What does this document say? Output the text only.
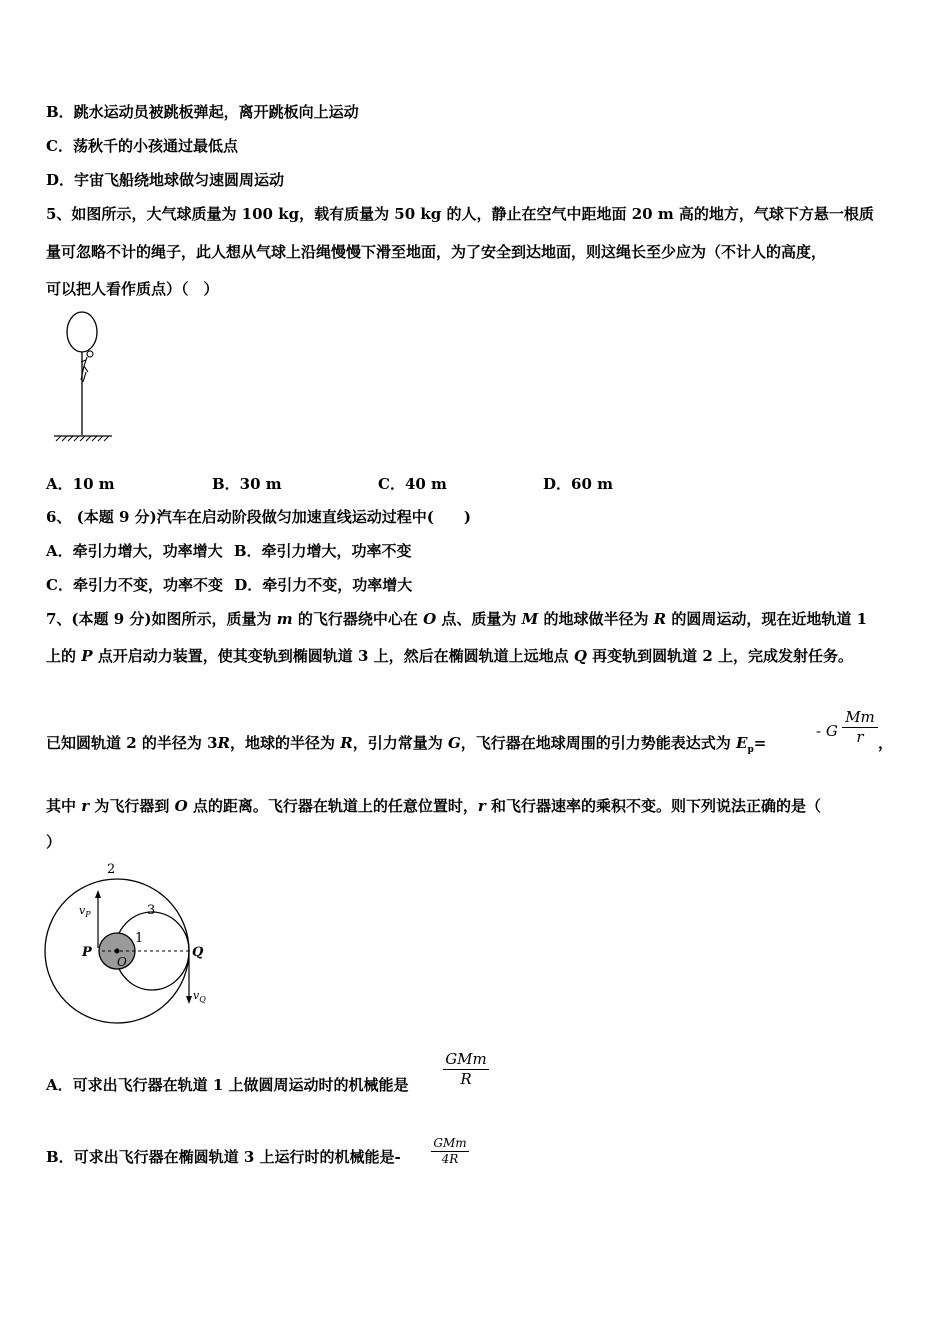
B．跳水运动员被跳板弹起，离开跳板向上运动
C．荡秋千的小孩通过最低点
D．宇宙飞船绕地球做匀速圆周运动
5、如图所示，大气球质量为 100 kg，载有质量为 50 kg 的人，静止在空气中距地面 20 m 高的地方，气球下方悬一根质
量可忽略不计的绳子，此人想从气球上沿绳慢慢下滑至地面，为了安全到达地面，则这绳长至少应为（不计人的高度，
可以把人看作质点）（　）
A．10 m	B．30 m	C．40 m	D．60 m
6、 (本题 9 分)汽车在启动阶段做匀加速直线运动过程中(　　)
A．牵引力增大，功率增大 B．牵引力增大，功率不变
C．牵引力不变，功率不变 D．牵引力不变，功率增大
7、(本题 9 分)如图所示，质量为 m 的飞行器绕中心在 O 点、质量为 M 的地球做半径为 R 的圆周运动，现在近地轨道 1
上的 P 点开启动力装置，使其变轨到椭圆轨道 3 上，然后在椭圆轨道上远地点 Q 再变轨到圆轨道 2 上，完成发射任务。
已知圆轨道 2 的半径为 3R，地球的半径为 R，引力常量为 G，飞行器在地球周围的引力势能表达式为 $E_p=$
- G
Mm
r ，
其中 r 为飞行器到 O 点的距离。飞行器在轨道上的任意位置时，r 和飞行器速率的乘积不变。则下列说法正确的是（
）
2
3
1
P
O
Q
$v_P$
$v_Q$
A．可求出飞行器在轨道 1 上做圆周运动时的机械能是
GMm
R
B．可求出飞行器在椭圆轨道 3 上运行时的机械能是-
GMm
4R
